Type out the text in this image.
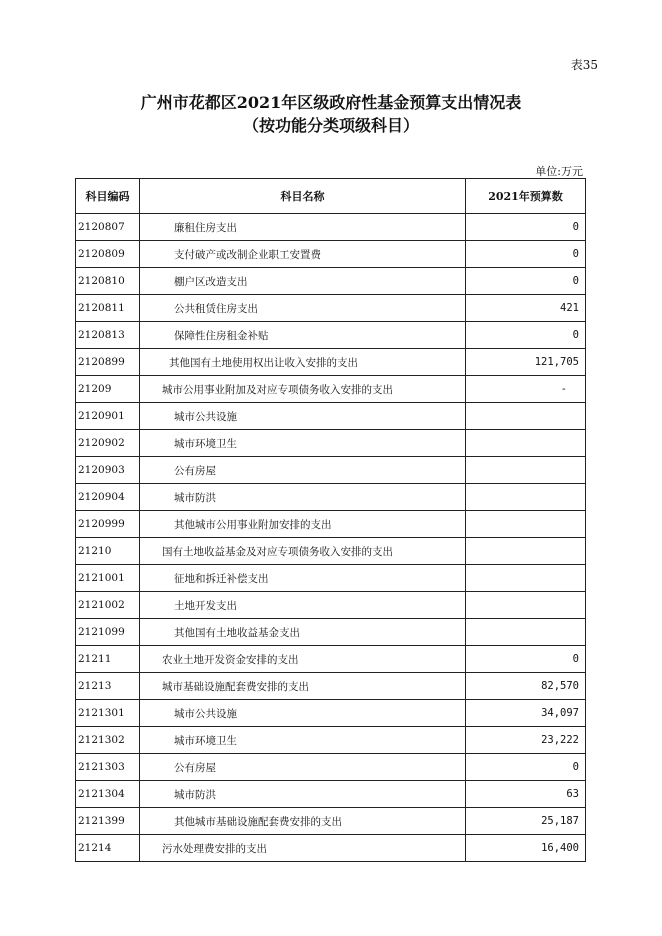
表35
广州市花都区2021年区级政府性基金预算支出情况表
（按功能分类项级科目）
单位:万元
科目编码	科目名称	2021年预算数
2120807	廉租住房支出	0
2120809	支付破产或改制企业职工安置费	0
2120810	棚户区改造支出	0
2120811	公共租赁住房支出	421
2120813	保障性住房租金补贴	0
2120899	其他国有土地使用权出让收入安排的支出	121,705
21209	城市公用事业附加及对应专项债务收入安排的支出	-
2120901	城市公共设施	
2120902	城市环境卫生	
2120903	公有房屋	
2120904	城市防洪	
2120999	其他城市公用事业附加安排的支出	
21210	国有土地收益基金及对应专项债务收入安排的支出	
2121001	征地和拆迁补偿支出	
2121002	土地开发支出	
2121099	其他国有土地收益基金支出	
21211	农业土地开发资金安排的支出	0
21213	城市基础设施配套费安排的支出	82,570
2121301	城市公共设施	34,097
2121302	城市环境卫生	23,222
2121303	公有房屋	0
2121304	城市防洪	63
2121399	其他城市基础设施配套费安排的支出	25,187
21214	污水处理费安排的支出	16,400
